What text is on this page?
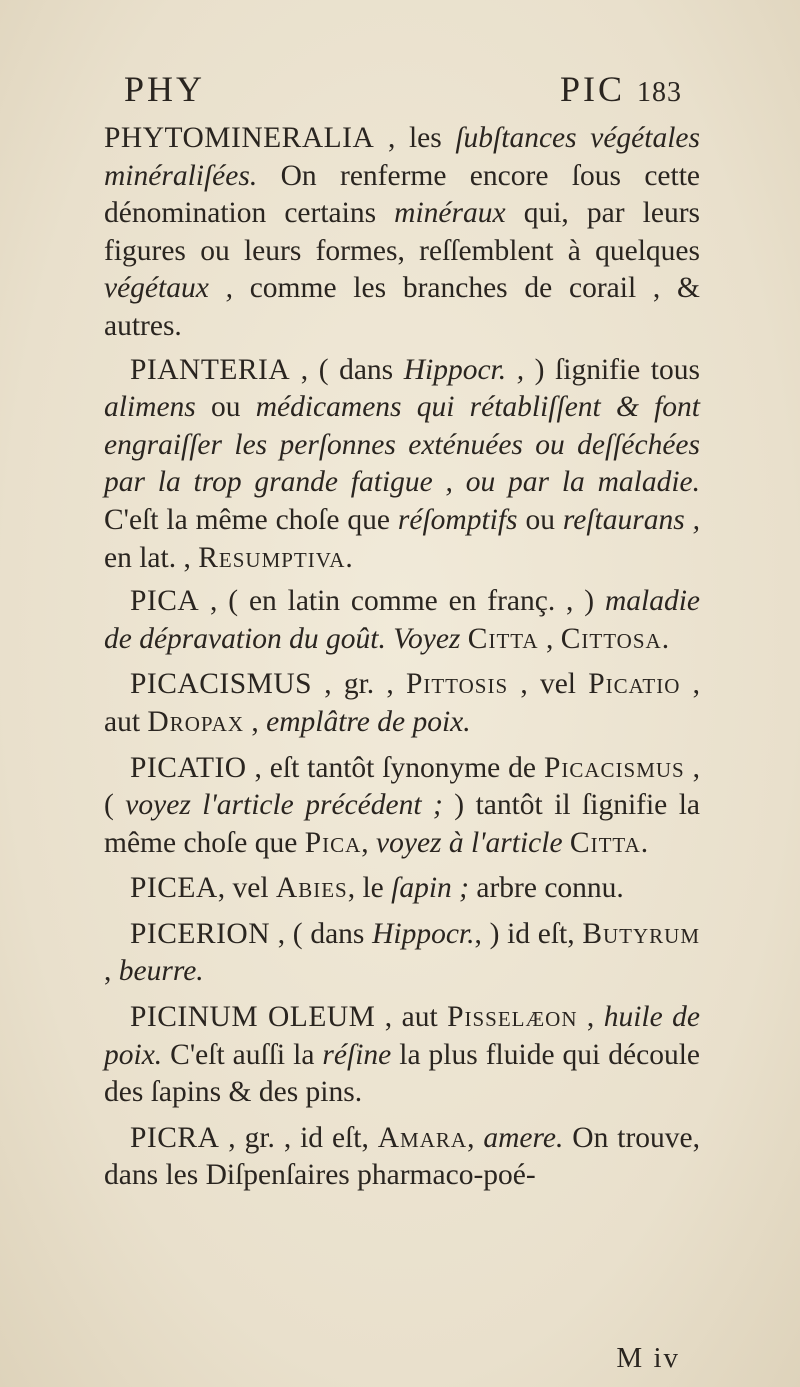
PHY	PIC 183

PHYTOMINERALIA , les ſubſtances végétales minéraliſées. On renferme encore ſous cette dénomination certains minéraux qui, par leurs figures ou leurs formes, reſſemblent à quelques végétaux , comme les branches de corail , & autres.

PIANTERIA , ( dans Hippocr. , ) ſignifie tous alimens ou médicamens qui rétabliſſent & font engraiſſer les perſonnes exténuées ou deſſéchées par la trop grande fatigue , ou par la maladie. C'eſt la même choſe que réſomptifs ou reſtaurans , en lat. , Resumptiva.

PICA , ( en latin comme en franç. , ) maladie de dépravation du goût. Voyez Citta , Cittosa.

PICACISMUS , gr. , Pittosis , vel Picatio , aut Dropax , emplâtre de poix.

PICATIO , eſt tantôt ſynonyme de Picacismus , ( voyez l'article précédent ; ) tantôt il ſignifie la même choſe que Pica, voyez à l'article Citta.

PICEA, vel Abies, le ſapin ; arbre connu.

PICERION , ( dans Hippocr., ) id eſt, Butyrum , beurre.

PICINUM OLEUM , aut Pisselæon , huile de poix. C'eſt auſſi la réſine la plus fluide qui découle des ſapins & des pins.

PICRA , gr. , id eſt, Amara, amere. On trouve, dans les Diſpenſaires pharmaco-poé-

M iv
